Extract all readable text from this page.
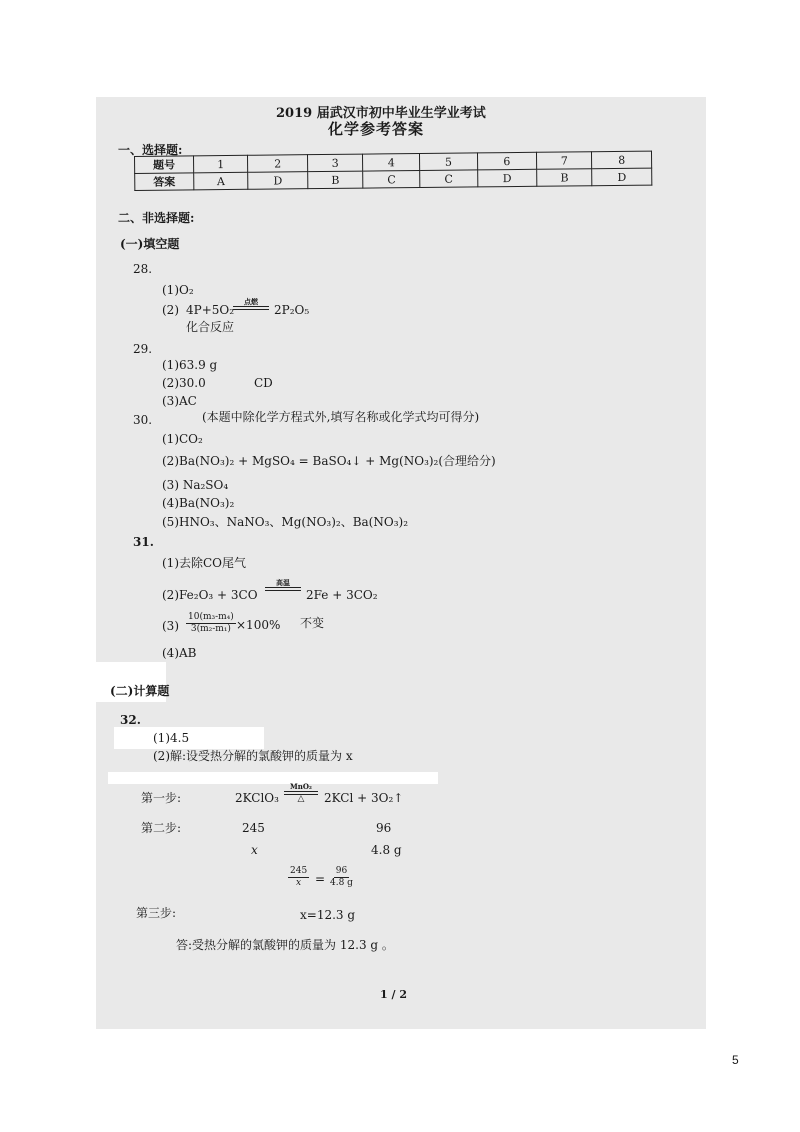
2019 届武汉市初中毕业生学业考试
化学参考答案
一、选择题:
题号	1	2	3	4	5	6	7	8
答案	A	D	B	C	C	D	B	D
二、非选择题:
(一)填空题
28.
(1)O₂
(2) 4P+5O₂
点燃
2P₂O₅
化合反应
29.
(1)63.9 g
(2)30.0	CD
(3)AC
30.	(本题中除化学方程式外,填写名称或化学式均可得分)
(1)CO₂
(2)Ba(NO₃)₂ + MgSO₄ = BaSO₄↓ + Mg(NO₃)₂(合理给分)
(3) Na₂SO₄
(4)Ba(NO₃)₂
(5)HNO₃、NaNO₃、Mg(NO₃)₂、Ba(NO₃)₂
31.
(1)去除CO尾气
(2)Fe₂O₃ + 3CO
高温
2Fe + 3CO₂
$(3) \frac{\text{10(m₃-m₄)}}{\text{3(m₂-m₁)}} \times 100\%$ 不变
(4)AB
(二)计算题
32.
(1)4.5
(2)解:设受热分解的氯酸钾的质量为 x
第一步:	2KClO₃
MnO₂
△ 2KCl + 3O₂↑
第二步:	245	96
x	4.8 g
$\frac{245}{x} = \frac{96}{4.8 g}$
第三步:	x=12.3 g
答:受热分解的氯酸钾的质量为 12.3 g 。
1 / 2
5
